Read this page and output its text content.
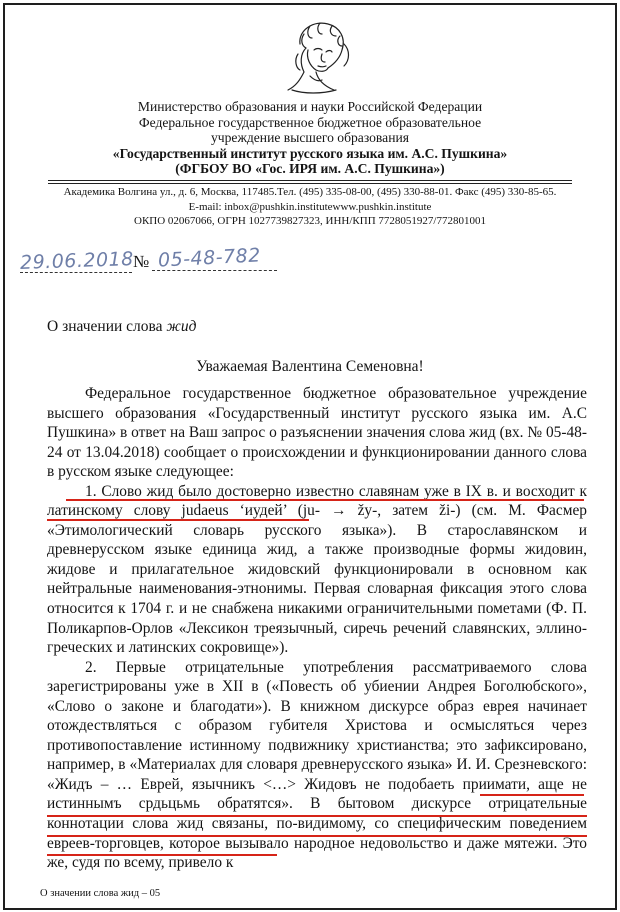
Министерство образования и науки Российской Федерации
Федеральное государственное бюджетное образовательное
учреждение высшего образования
«Государственный институт русского языка им. А.С. Пушкина»
(ФГБОУ ВО «Гос. ИРЯ им. А.С. Пушкина»)
Академика Волгина ул., д. 6, Москва, 117485.Тел. (495) 335-08-00, (495) 330-88-01. Факс (495) 330-85-65.
E-mail: inbox@pushkin.institutewww.pushkin.institute
ОКПО 02067066, ОГРН 1027739827323, ИНН/КПП 7728051927/772801001
29.06.2018
№ 05-48-782
О значении слова жид
Уважаемая Валентина Семеновна!

Федеральное государственное бюджетное образовательное учреждение высшего образования «Государственный институт русского языка им. А.С Пушкина» в ответ на Ваш запрос о разъяснении значения слова жид (вх. № 05-48-24 от 13.04.2018) сообщает о происхождении и функционировании данного слова в русском языке следующее:

1. Слово жид было достоверно известно славянам уже в IX в. и восходит к латинскому слову judaeus ‘иудей’ (ju- → žy-, затем ži-) (см. М. Фасмер «Этимологический словарь русского языка»). В старославянском и древнерусском языке единица жид, а также производные формы жидовин, жидове и прилагательное жидовский функционировали в основном как нейтральные наименования-этнонимы. Первая словарная фиксация этого слова относится к 1704 г. и не снабжена никакими ограничительными пометами (Ф. П. Поликарпов-Орлов «Лексикон треязычный, сиречь речений славянских, эллино-греческих и латинских сокровище»).

2. Первые отрицательные употребления рассматриваемого слова зарегистрированы уже в XII в («Повесть об убиении Андрея Боголюбского», «Слово о законе и благодати»). В книжном дискурсе образ еврея начинает отождествляться с образом губителя Христова и осмысляться через противопоставление истинному подвижнику христианства; это зафиксировано, например, в «Материалах для словаря древнерусского языка» И. И. Срезневского: «Жидъ – … Еврей, язычникъ <…> Жидовъ не подобаеть приимати, аще не истиннымъ срдьцьмь обратятся». В бытовом дискурсе отрицательные коннотации слова жид связаны, по-видимому, со специфическим поведением евреев-торговцев, которое вызывало народное недовольство и даже мятежи. Это же, судя по всему, привело к

О значении слова жид – 05
